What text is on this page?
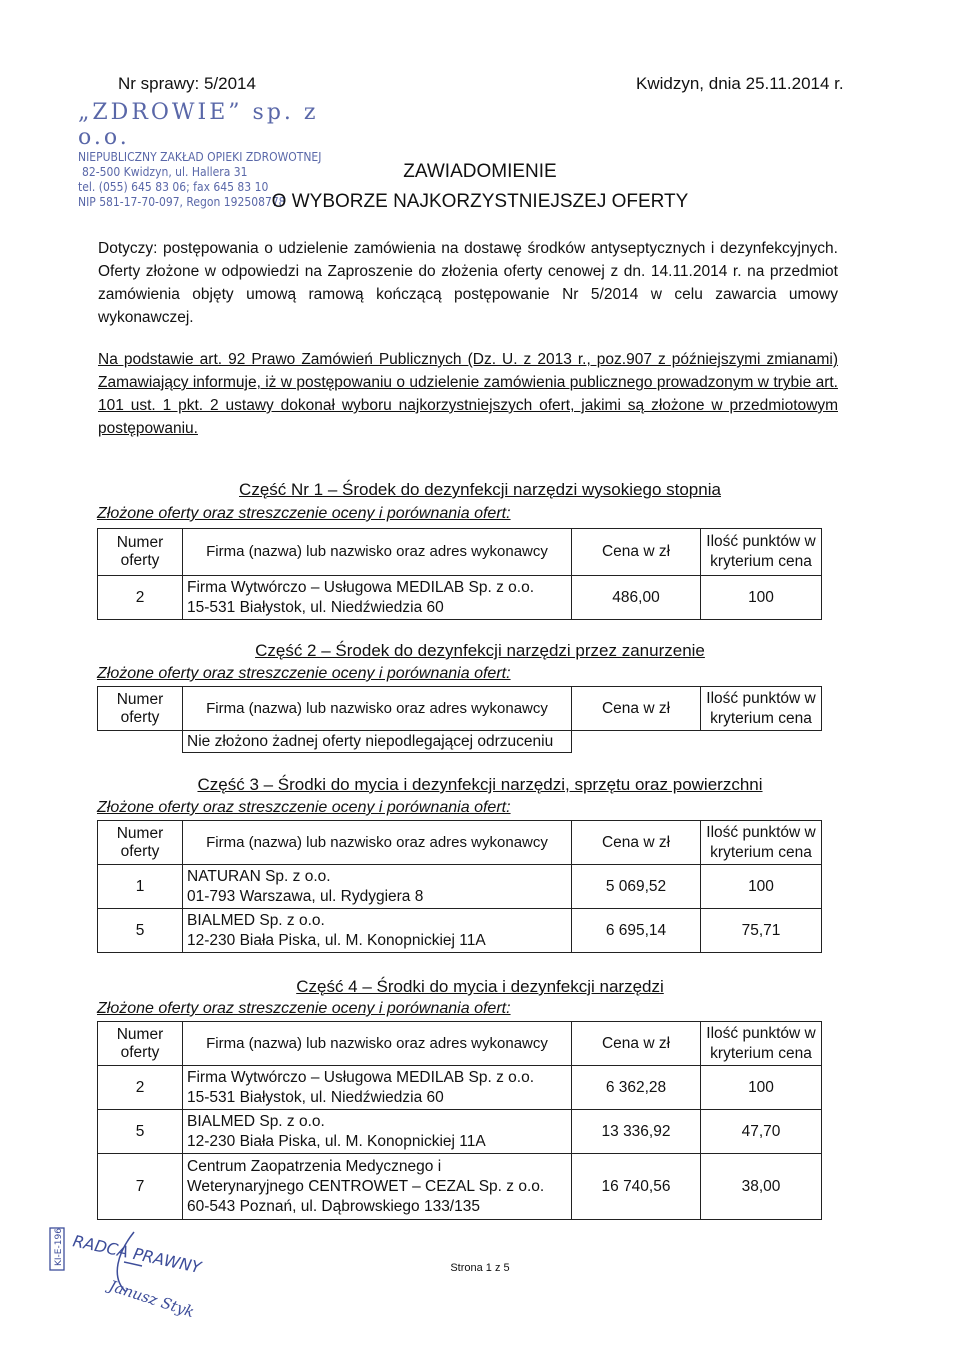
Nr sprawy: 5/2014	Kwidzyn, dnia 25.11.2014 r.
„ZDROWIE” sp. z o.o.
NIEPUBLICZNY ZAKŁAD OPIEKI ZDROWOTNEJ
82-500 Kwidzyn, ul. Hallera 31
tel. (055) 645 83 06; fax 645 83 10
NIP 581-17-70-097, Regon 192508778
ZAWIADOMIENIE
O WYBORZE NAJKORZYSTNIEJSZEJ OFERTY
Dotyczy: postępowania o udzielenie zamówienia na dostawę środków antyseptycznych i dezynfekcyjnych. Oferty złożone w odpowiedzi na Zaproszenie do złożenia oferty cenowej z dn. 14.11.2014 r. na przedmiot zamówienia objęty umową ramową kończącą postępowanie Nr 5/2014 w celu zawarcia umowy wykonawczej.
Na podstawie art. 92 Prawo Zamówień Publicznych (Dz. U. z 2013 r., poz.907 z późniejszymi zmianami) Zamawiający informuje, iż w postępowaniu o udzielenie zamówienia publicznego prowadzonym w trybie art. 101 ust. 1 pkt. 2 ustawy dokonał wyboru najkorzystniejszych ofert, jakimi są złożone w przedmiotowym postępowaniu.
Część Nr 1 – Środek do dezynfekcji narzędzi wysokiego stopnia
Złożone oferty oraz streszczenie oceny i porównania ofert:
Numer oferty	Firma (nazwa) lub nazwisko oraz adres wykonawcy	Cena w zł	Ilość punktów w kryterium cena
2	Firma Wytwórczo – Usługowa MEDILAB Sp. z o.o.
15-531 Białystok, ul. Niedźwiedzia 60	486,00	100
Część 2 – Środek do dezynfekcji narzędzi przez zanurzenie
Złożone oferty oraz streszczenie oceny i porównania ofert:
Numer oferty	Firma (nazwa) lub nazwisko oraz adres wykonawcy	Cena w zł	Ilość punktów w kryterium cena
	Nie złożono żadnej oferty niepodlegającej odrzuceniu		
Część 3 – Środki do mycia i dezynfekcji narzędzi, sprzętu oraz powierzchni
Złożone oferty oraz streszczenie oceny i porównania ofert:
Numer oferty	Firma (nazwa) lub nazwisko oraz adres wykonawcy	Cena w zł	Ilość punktów w kryterium cena
1	NATURAN Sp. z o.o.
01-793 Warszawa, ul. Rydygiera 8	5 069,52	100
5	BIALMED Sp. z o.o.
12-230 Biała Piska, ul. M. Konopnickiej 11A	6 695,14	75,71
Część 4 – Środki do mycia i dezynfekcji narzędzi
Złożone oferty oraz streszczenie oceny i porównania ofert:
Numer oferty	Firma (nazwa) lub nazwisko oraz adres wykonawcy	Cena w zł	Ilość punktów w kryterium cena
2	Firma Wytwórczo – Usługowa MEDILAB Sp. z o.o.
15-531 Białystok, ul. Niedźwiedzia 60	6 362,28	100
5	BIALMED Sp. z o.o.
12-230 Biała Piska, ul. M. Konopnickiej 11A	13 336,92	47,70
7	Centrum Zaopatrzenia Medycznego i
Weterynaryjnego CENTROWET – CEZAL Sp. z o.o.
60-543 Poznań, ul. Dąbrowskiego 133/135	16 740,56	38,00
KI-E-196 RADCA PRAWNY
Janusz Styk
Strona 1 z 5
